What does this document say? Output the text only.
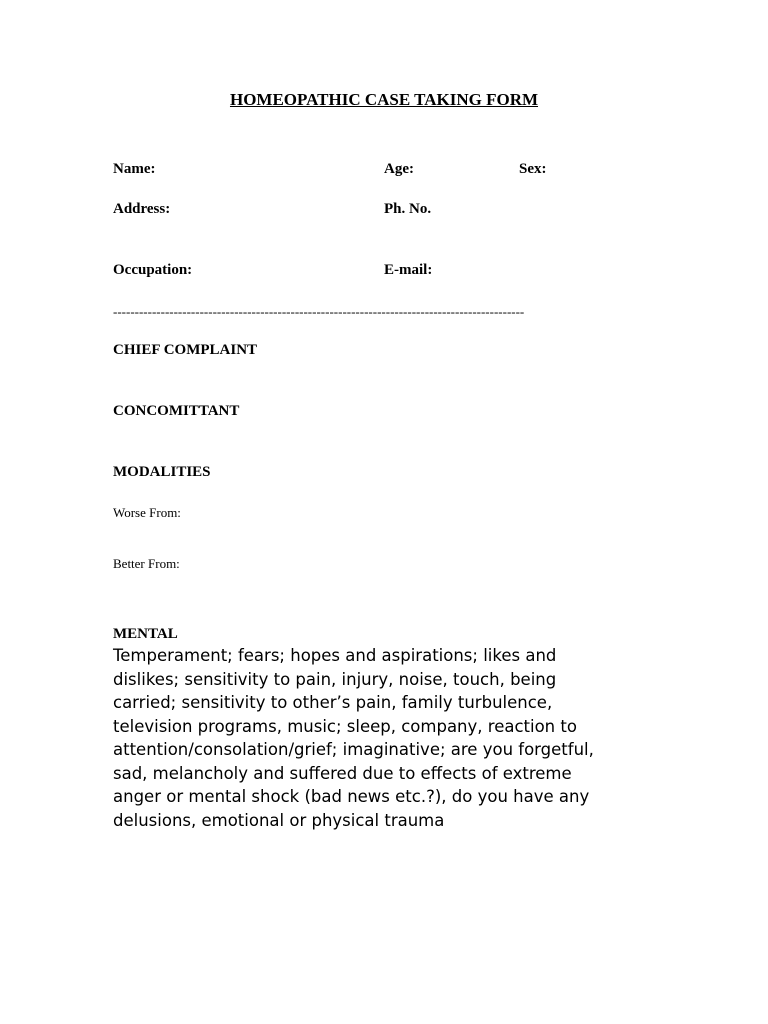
HOMEOPATHIC CASE TAKING FORM
Name:	Age:	Sex:
Address:	Ph. No.
Occupation:	E-mail:
-----------------------------------------------------------------------------------------------
CHIEF COMPLAINT
CONCOMITTANT
MODALITIES
Worse From:
Better From:
MENTAL
Temperament; fears; hopes and aspirations; likes and dislikes; sensitivity to pain, injury, noise, touch, being carried; sensitivity to other’s pain, family turbulence, television programs, music; sleep, company, reaction to attention/consolation/grief; imaginative; are you forgetful, sad, melancholy and suffered due to effects of extreme anger or mental shock (bad news etc.?), do you have any delusions, emotional or physical trauma
